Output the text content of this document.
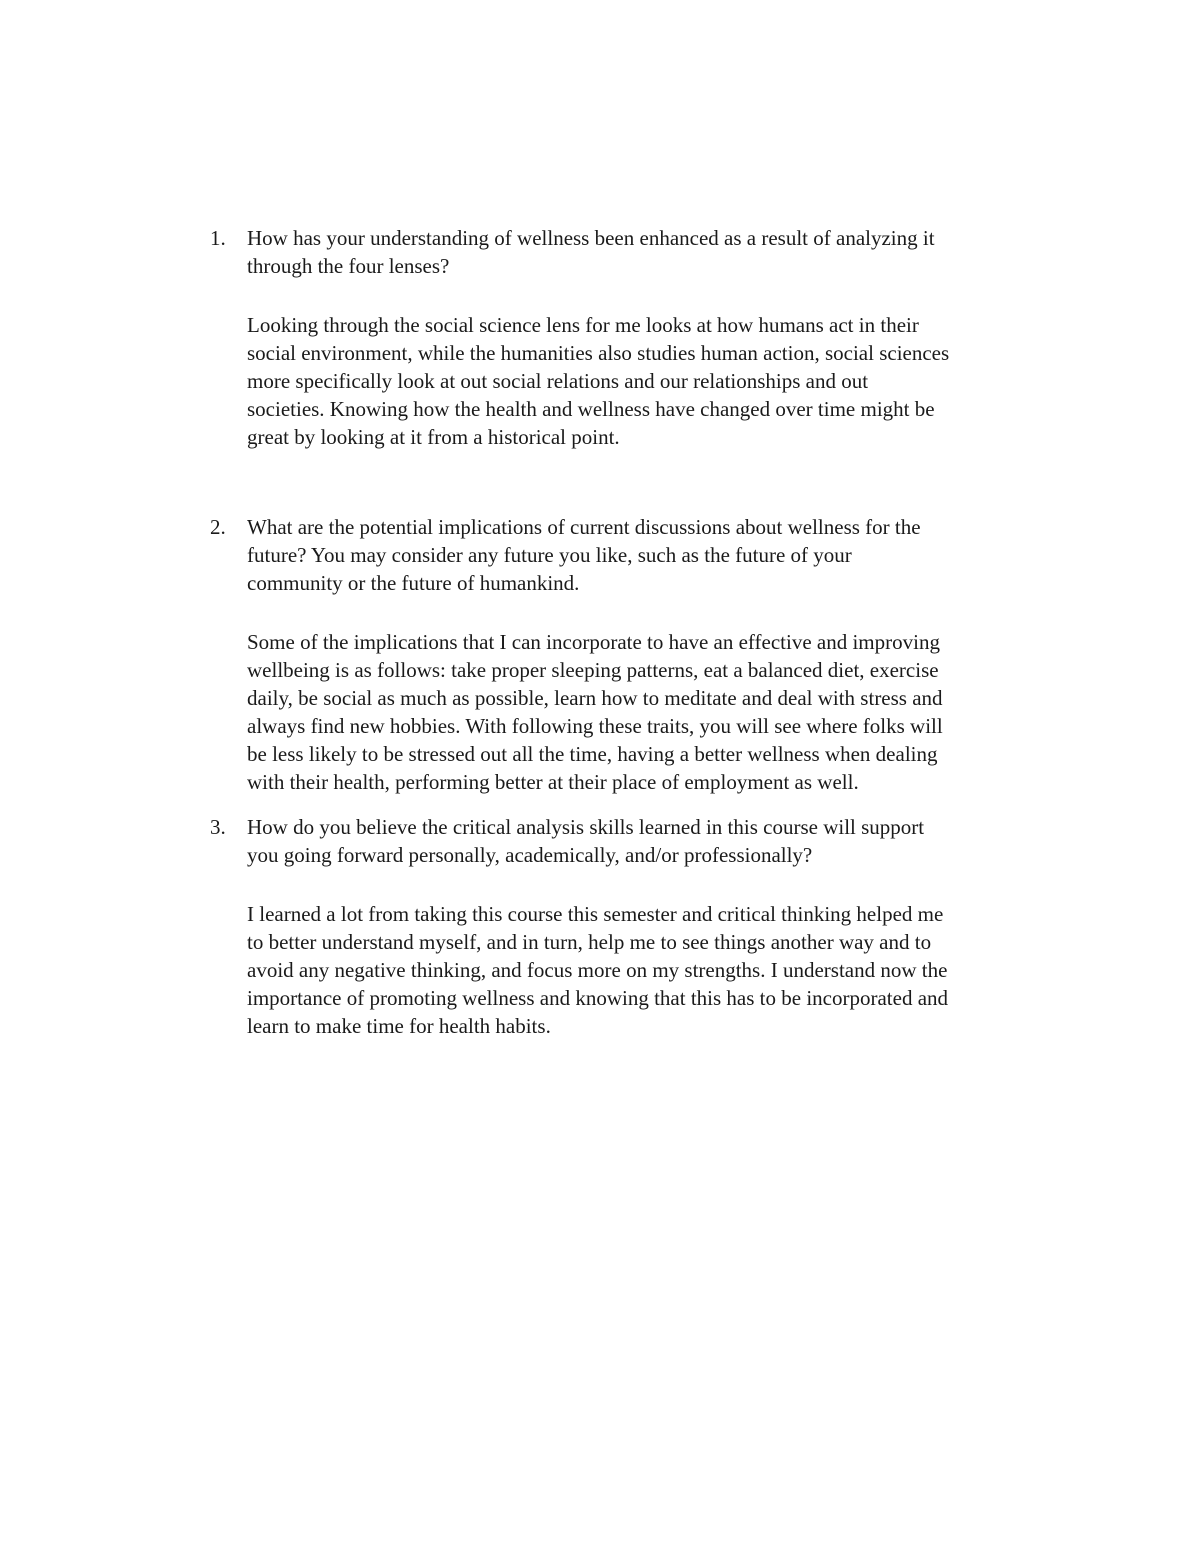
1. How has your understanding of wellness been enhanced as a result of analyzing it
through the four lenses?

Looking through the social science lens for me looks at how humans act in their
social environment, while the humanities also studies human action, social sciences
more specifically look at out social relations and our relationships and out
societies. Knowing how the health and wellness have changed over time might be
great by looking at it from a historical point.

2. What are the potential implications of current discussions about wellness for the
future? You may consider any future you like, such as the future of your
community or the future of humankind.

Some of the implications that I can incorporate to have an effective and improving
wellbeing is as follows: take proper sleeping patterns, eat a balanced diet, exercise
daily, be social as much as possible, learn how to meditate and deal with stress and
always find new hobbies. With following these traits, you will see where folks will
be less likely to be stressed out all the time, having a better wellness when dealing
with their health, performing better at their place of employment as well.

3. How do you believe the critical analysis skills learned in this course will support
you going forward personally, academically, and/or professionally?

I learned a lot from taking this course this semester and critical thinking helped me
to better understand myself, and in turn, help me to see things another way and to
avoid any negative thinking, and focus more on my strengths. I understand now the
importance of promoting wellness and knowing that this has to be incorporated and
learn to make time for health habits.
